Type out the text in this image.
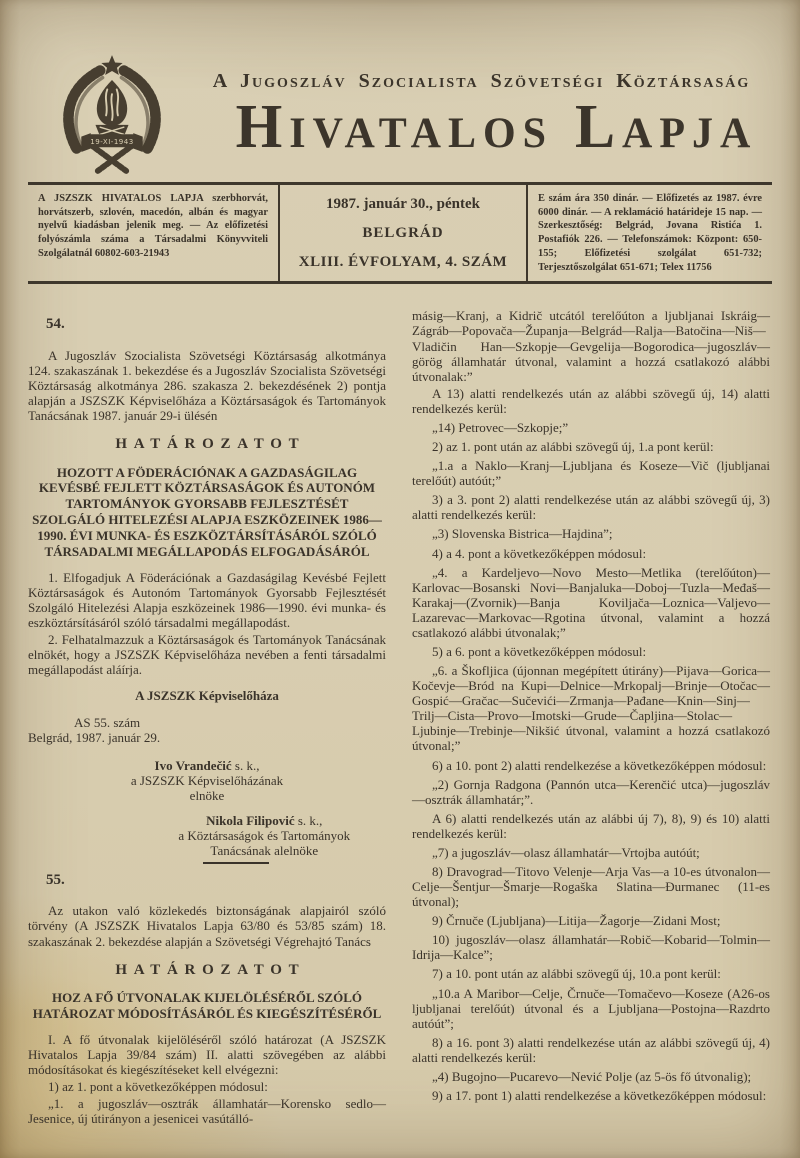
19-XI-1943
A Jugoszláv Szocialista Szövetségi Köztársaság
Hivatalos Lapja
A JSZSZK HIVATALOS LAPJA szerbhorvát, horvátszerb, szlovén, macedón, albán és magyar nyelvű kiadásban jelenik meg. — Az előfizetési folyószámla száma a Társadalmi Könyvviteli Szolgálatnál 60802-603-21943
1987. január 30., péntek
BELGRÁD
XLIII. ÉVFOLYAM, 4. SZÁM
E szám ára 350 dinár. — Előfizetés az 1987. évre 6000 dinár. — A reklamáció határideje 15 nap. — Szerkesztőség: Belgrád, Jovana Ristića 1. Postafiók 226. — Telefonszámok: Központ: 650-155; Előfizetési szolgálat 651-732; Terjesztőszolgálat 651-671; Telex 11756
54.
A Jugoszláv Szocialista Szövetségi Köztársaság alkotmánya 124. szakaszának 1. bekezdése és a Jugoszláv Szocialista Szövetségi Köztársaság alkotmánya 286. szakasza 2. bekezdésének 2) pontja alapján a JSZSZK Képviselőháza a Köztársaságok és Tartományok Tanácsának 1987. január 29-i ülésén
HATÁROZATOT
HOZOTT A FÖDERÁCIÓNAK A GAZDASÁGILAG KEVÉSBÉ FEJLETT KÖZTÁRSASÁGOK ÉS AUTONÓM TARTOMÁNYOK GYORSABB FEJLESZTÉSÉT SZOLGÁLÓ HITELEZÉSI ALAPJA ESZKÖZEINEK 1986—1990. ÉVI MUNKA- ÉS ESZKÖZTÁRSÍTÁSÁRÓL SZÓLÓ TÁRSADALMI MEGÁLLAPODÁS ELFOGADÁSÁRÓL
1. Elfogadjuk A Föderációnak a Gazdaságilag Kevésbé Fejlett Köztársaságok és Autonóm Tartományok Gyorsabb Fejlesztését Szolgáló Hitelezési Alapja eszközeinek 1986—1990. évi munka- és eszköztársításáról szóló társadalmi megállapodást.
2. Felhatalmazzuk a Köztársaságok és Tartományok Tanácsának elnökét, hogy a JSZSZK Képviselőháza nevében a fenti társadalmi megállapodást aláírja.
A JSZSZK Képviselőháza
AS 55. szám
Belgrád, 1987. január 29.
Ivo Vrandečić s. k.,
a JSZSZK Képviselőházának
elnöke
Nikola Filipović s. k.,
a Köztársaságok és Tartományok
Tanácsának alelnöke
55.
Az utakon való közlekedés biztonságának alapjairól szóló törvény (A JSZSZK Hivatalos Lapja 63/80 és 53/85 szám) 18. szakaszának 2. bekezdése alapján a Szövetségi Végrehajtó Tanács
HATÁROZATOT
HOZ A FŐ ÚTVONALAK KIJELÖLÉSÉRŐL SZÓLÓ HATÁROZAT MÓDOSÍTÁSÁRÓL ÉS KIEGÉSZÍTÉSÉRŐL
I. A fő útvonalak kijelöléséről szóló határozat (A JSZSZK Hivatalos Lapja 39/84 szám) II. alatti szövegében az alábbi módosításokat és kiegészítéseket kell elvégezni:
1) az 1. pont a következőképpen módosul:
„1. a jugoszláv—osztrák államhatár—Korensko sedlo—Jesenice, új útirányon a jesenicei vasútálló-
másig—Kranj, a Kidrič utcától terelőúton a ljubljanai Iskráig—Zágráb—Popovača—Županja—Belgrád—Ralja—Batočina—Niš—Vladičin Han—Szkopje—Gevgelija—Bogorodica—jugoszláv—görög államhatár útvonal, valamint a hozzá csatlakozó alábbi útvonalak:”
A 13) alatti rendelkezés után az alábbi szövegű új, 14) alatti rendelkezés kerül:
„14) Petrovec—Szkopje;”
2) az 1. pont után az alábbi szövegű új, 1.a pont kerül:
„1.a a Naklo—Kranj—Ljubljana és Koseze—Vič (ljubljanai terelőút) autóút;”
3) a 3. pont 2) alatti rendelkezése után az alábbi szövegű új, 3) alatti rendelkezés kerül:
„3) Slovenska Bistrica—Hajdina”;
4) a 4. pont a következőképpen módosul:
„4. a Kardeljevo—Novo Mesto—Metlika (terelőúton)—Karlovac—Bosanski Novi—Banjaluka—Doboj—Tuzla—Međaš—Karakaj—(Zvornik)—Banja Koviljača—Loznica—Valjevo—Lazarevac—Markovac—Rgotina útvonal, valamint a hozzá csatlakozó alábbi útvonalak;”
5) a 6. pont a következőképpen módosul:
„6. a Škofljica (újonnan megépített útirány)—Pijava—Gorica—Kočevje—Bród na Kupi—Delnice—Mrkopalj—Brinje—Otočac—Gospić—Gračac—Sučevići—Zrmanja—Pađane—Knin—Sinj—Trilj—Cista—Provo—Imotski—Grude—Čapljina—Stolac—Ljubinje—Trebinje—Nikšić útvonal, valamint a hozzá csatlakozó útvonal;”
6) a 10. pont 2) alatti rendelkezése a következőképpen módosul:
„2) Gornja Radgona (Pannón utca—Kerenčić utca)—jugoszláv—osztrák államhatár;”.
A 6) alatti rendelkezés után az alábbi új 7), 8), 9) és 10) alatti rendelkezés kerül:
„7) a jugoszláv—olasz államhatár—Vrtojba autóút;
8) Dravograd—Titovo Velenje—Arja Vas—a 10-es útvonalon—Celje—Šentjur—Šmarje—Rogaška Slatina—Đurmanec (11-es útvonal);
9) Črnuče (Ljubljana)—Litija—Žagorje—Zidani Most;
10) jugoszláv—olasz államhatár—Robič—Kobarid—Tolmin—Idrija—Kalce”;
7) a 10. pont után az alábbi szövegű új, 10.a pont kerül:
„10.a A Maribor—Celje, Črnuče—Tomačevo—Koseze (A26-os ljubljanai terelőút) útvonal és a Ljubljana—Postojna—Razdrto autóút”;
8) a 16. pont 3) alatti rendelkezése után az alábbi szövegű új, 4) alatti rendelkezés kerül:
„4) Bugojno—Pucarevo—Nević Polje (az 5-ös fő útvonalig);
9) a 17. pont 1) alatti rendelkezése a következőképpen módosul:
